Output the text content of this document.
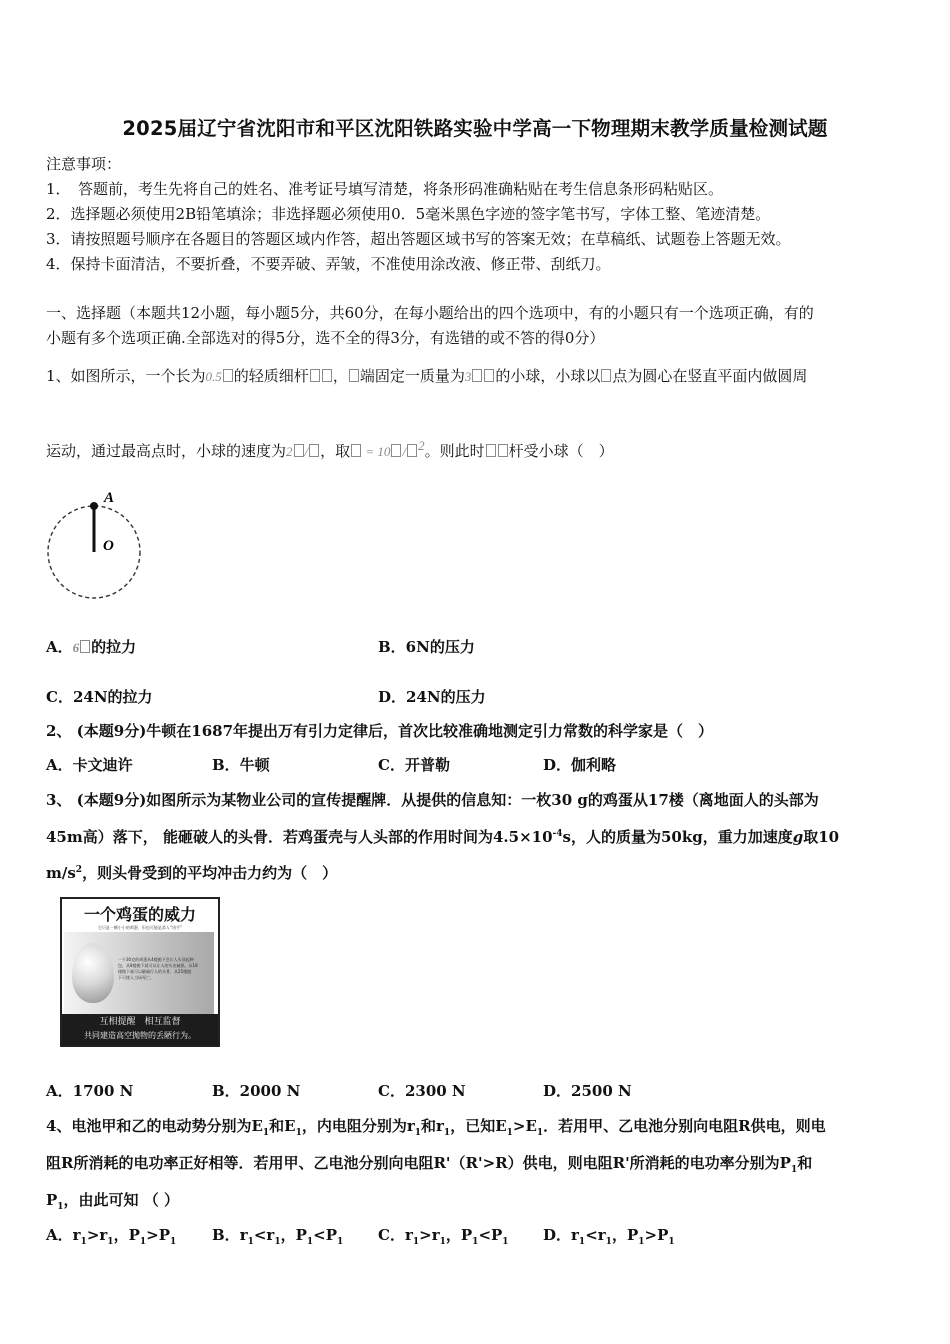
2025届辽宁省沈阳市和平区沈阳铁路实验中学高一下物理期末教学质量检测试题
注意事项：
1．　答题前，考生先将自己的姓名、准考证号填写清楚，将条形码准确粘贴在考生信息条形码粘贴区。
2．选择题必须使用2B铅笔填涂；非选择题必须使用0．5毫米黑色字迹的签字笔书写，字体工整、笔迹清楚。
3．请按照题号顺序在各题目的答题区域内作答，超出答题区域书写的答案无效；在草稿纸、试题卷上答题无效。
4．保持卡面清洁，不要折叠，不要弄破、弄皱，不准使用涂改液、修正带、刮纸刀。
一、选择题（本题共12小题，每小题5分，共60分，在每小题给出的四个选项中，有的小题只有一个选项正确，有的
小题有多个选项正确.全部选对的得5分，选不全的得3分，有选错的或不答的得0分）
1、如图所示，一个长为0.5 的轻质细杆 ， 端固定一质量为3 的小球，小球以 点为圆心在竖直平面内做圆周
运动，通过最高点时，小球的速度为2 / ，取 = 10 / $^2$。则此时 杆受小球（　）
A
O
A．6 的拉力	B．6N的压力
C．24N的拉力	D．24N的压力
2、 (本题9分)牛顿在1687年提出万有引力定律后，首次比较准确地测定引力常数的科学家是（　）
A．卡文迪许	B．牛顿	C．开普勒	D．伽利略
3、 (本题9分)如图所示为某物业公司的宣传提醒牌．从提供的信息知：一枚30 g的鸡蛋从17楼（离地面人的头部为
45m高）落下， 能砸破人的头骨．若鸡蛋壳与人头部的作用时间为$4.5\times 10^{-4}s$，人的质量为50kg，重力加速度g取10
$m/s^2$，则头骨受到的平均冲击力约为（　）
一个鸡蛋的威力
它只是一颗小小的鸡蛋，但也可能是杀人“凶手”
一个30克的鸡蛋从4楼抛下会让人头顶起肿
包，从8楼抛下就可以让人的头皮破损，从18
楼抛下就可以砸破行人的头骨，从25楼抛
下可使人当场死亡。
互相提醒　相互监督
共同建造高空抛物的丢陋行为。
A．1700 N	B．2000 N	C．2300 N	D．2500 N
4、电池甲和乙的电动势分别为$E_1$和$E_1$，内电阻分别为$r_1$和$r_1$，已知$E_1>E_1$．若用甲、乙电池分别向电阻R供电，则电
阻R所消耗的电功率正好相等．若用甲、乙电池分别向电阻R'（R'>R）供电，则电阻R'所消耗的电功率分别为$P_1$和
$P_1$，由此可知 （ ）
A．$r_1>r_1$，$P_1>P_1$ B．$r_1<r_1$，$P_1<P_1$ C．$r_1>r_1$，$P_1<P_1$ D．$r_1<r_1$，$P_1>P_1$
